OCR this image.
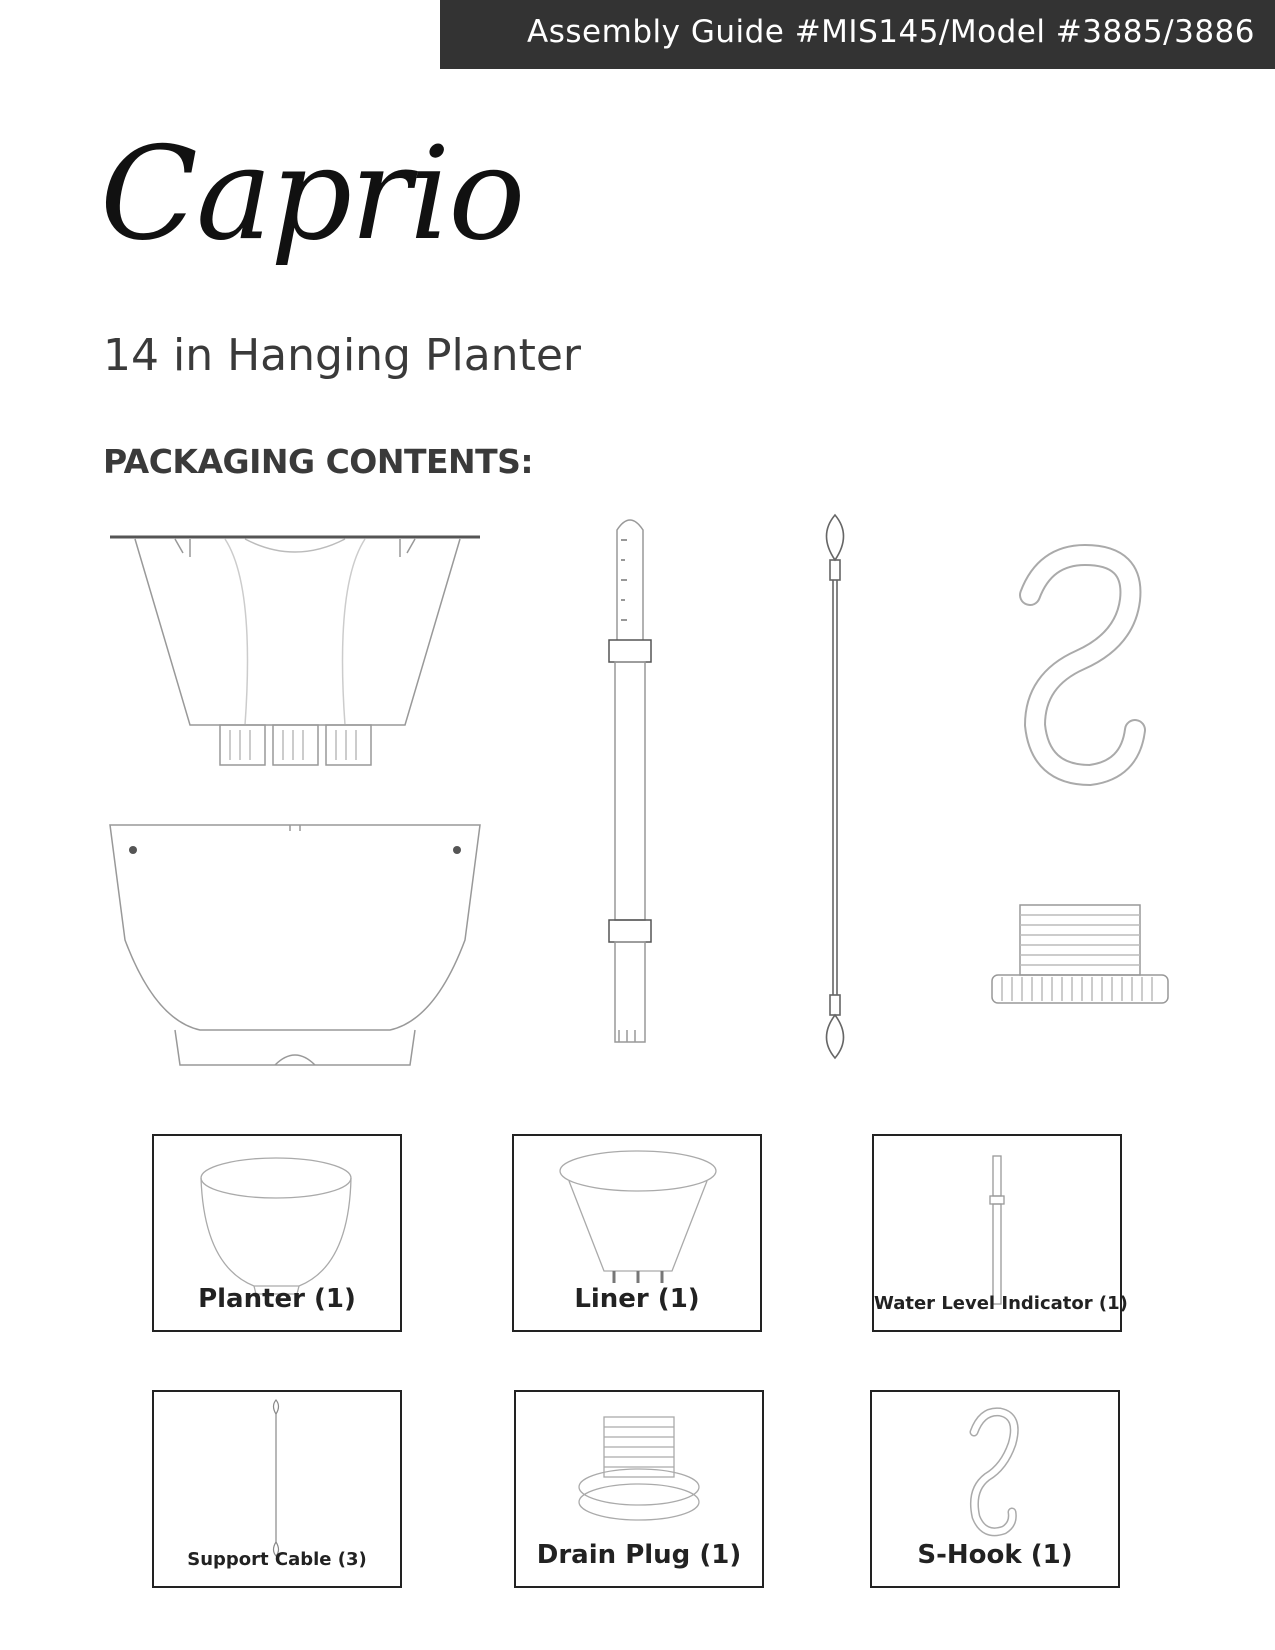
Assembly Guide #MIS145/Model #3885/3886
Caprio
14 in Hanging Planter
PACKAGING CONTENTS:
Planter (1)	Liner (1)	Water Level Indicator (1)
Support Cable (3)	Drain Plug (1)	S-Hook (1)
